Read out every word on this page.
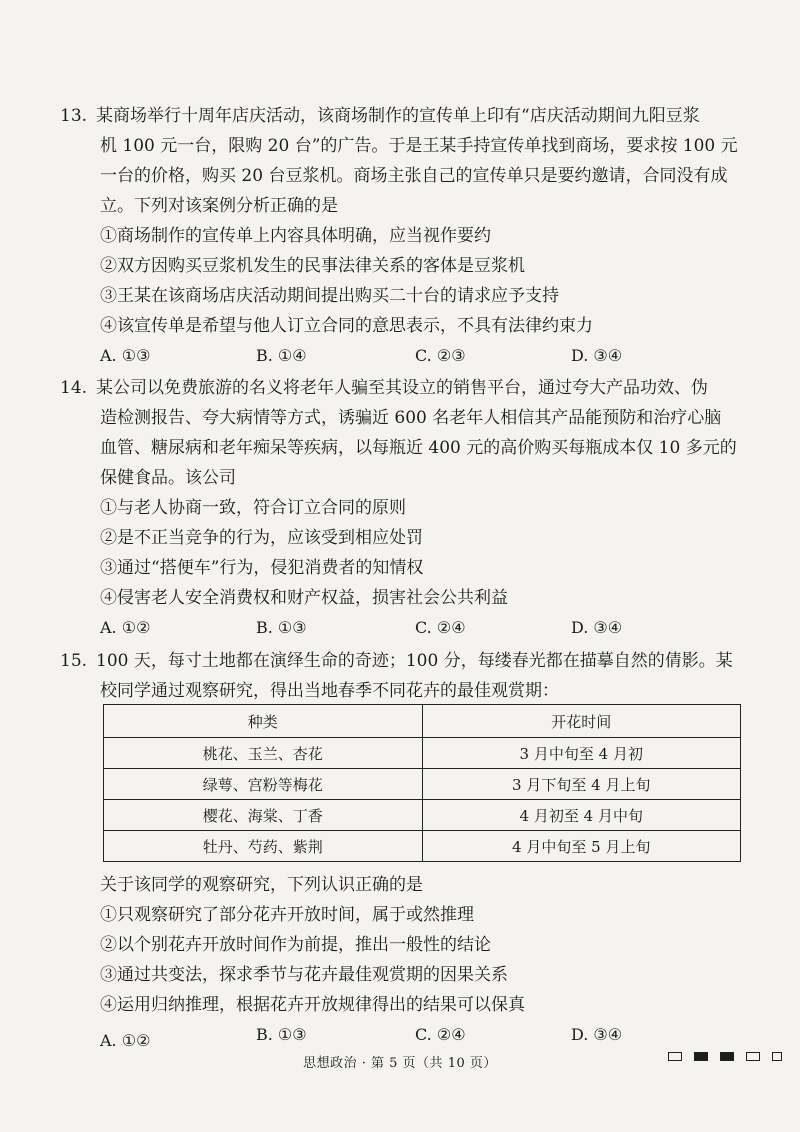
13. 某商场举行十周年店庆活动，该商场制作的宣传单上印有“店庆活动期间九阳豆浆
机 100 元一台，限购 20 台”的广告。于是王某手持宣传单找到商场，要求按 100 元
一台的价格，购买 20 台豆浆机。商场主张自己的宣传单只是要约邀请，合同没有成
立。下列对该案例分析正确的是
①商场制作的宣传单上内容具体明确，应当视作要约
②双方因购买豆浆机发生的民事法律关系的客体是豆浆机
③王某在该商场店庆活动期间提出购买二十台的请求应予支持
④该宣传单是希望与他人订立合同的意思表示，不具有法律约束力
A. ①③	B. ①④	C. ②③	D. ③④
14. 某公司以免费旅游的名义将老年人骗至其设立的销售平台，通过夸大产品功效、伪
造检测报告、夸大病情等方式，诱骗近 600 名老年人相信其产品能预防和治疗心脑
血管、糖尿病和老年痴呆等疾病，以每瓶近 400 元的高价购买每瓶成本仅 10 多元的
保健食品。该公司
①与老人协商一致，符合订立合同的原则
②是不正当竞争的行为，应该受到相应处罚
③通过“搭便车”行为，侵犯消费者的知情权
④侵害老人安全消费权和财产权益，损害社会公共利益
A. ①②	B. ①③	C. ②④	D. ③④
15. 100 天，每寸土地都在演绎生命的奇迹；100 分，每缕春光都在描摹自然的倩影。某
校同学通过观察研究，得出当地春季不同花卉的最佳观赏期：
种类	开花时间
桃花、玉兰、杏花	3 月中旬至 4 月初
绿萼、宫粉等梅花	3 月下旬至 4 月上旬
樱花、海棠、丁香	4 月初至 4 月中旬
牡丹、芍药、紫荆	4 月中旬至 5 月上旬
关于该同学的观察研究，下列认识正确的是
①只观察研究了部分花卉开放时间，属于或然推理
②以个别花卉开放时间作为前提，推出一般性的结论
③通过共变法，探求季节与花卉最佳观赏期的因果关系
④运用归纳推理，根据花卉开放规律得出的结果可以保真
A. ①②	B. ①③	C. ②④	D. ③④
思想政治 · 第 5 页（共 10 页）
